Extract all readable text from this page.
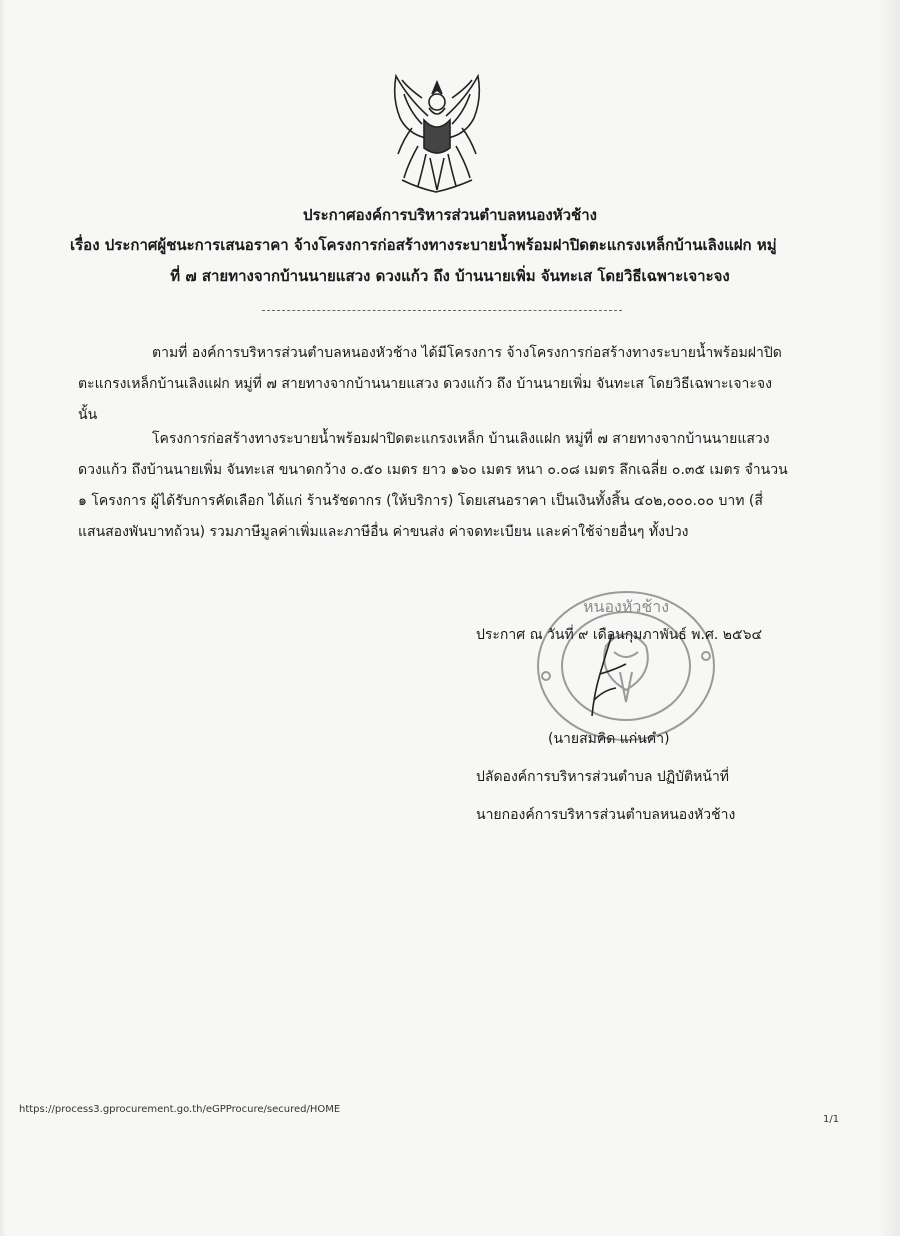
ประกาศองค์การบริหารส่วนตำบลหนองหัวช้าง
เรื่อง ประกาศผู้ชนะการเสนอราคา จ้างโครงการก่อสร้างทางระบายน้ำพร้อมฝาปิดตะแกรงเหล็กบ้านเลิงแฝก หมู่
ที่ ๗ สายทางจากบ้านนายแสวง ดวงแก้ว ถึง บ้านนายเพิ่ม จันทะเส โดยวิธีเฉพาะเจาะจง
ตามที่ องค์การบริหารส่วนตำบลหนองหัวช้าง ได้มีโครงการ จ้างโครงการก่อสร้างทางระบายน้ำพร้อมฝาปิดตะแกรงเหล็กบ้านเลิงแฝก หมู่ที่ ๗ สายทางจากบ้านนายแสวง ดวงแก้ว ถึง บ้านนายเพิ่ม จันทะเส โดยวิธีเฉพาะเจาะจง นั้น
โครงการก่อสร้างทางระบายน้ำพร้อมฝาปิดตะแกรงเหล็ก บ้านเลิงแฝก หมู่ที่ ๗ สายทางจากบ้านนายแสวง ดวงแก้ว ถึงบ้านนายเพิ่ม จันทะเส ขนาดกว้าง ๐.๕๐ เมตร ยาว ๑๖๐ เมตร หนา ๐.๐๘ เมตร ลึกเฉลี่ย ๐.๓๕ เมตร จำนวน ๑ โครงการ ผู้ได้รับการคัดเลือก ได้แก่ ร้านรัชดากร (ให้บริการ) โดยเสนอราคา เป็นเงินทั้งสิ้น ๔๐๒,๐๐๐.๐๐ บาท (สี่แสนสองพันบาทถ้วน) รวมภาษีมูลค่าเพิ่มและภาษีอื่น ค่าขนส่ง ค่าจดทะเบียน และค่าใช้จ่ายอื่นๆ ทั้งปวง
หนองหัวช้าง
ประกาศ ณ วันที่ ๙ เดือนกุมภาพันธ์ พ.ศ. ๒๕๖๔
(นายสมคิด แก่นคำ)
ปลัดองค์การบริหารส่วนตำบล ปฏิบัติหน้าที่
นายกองค์การบริหารส่วนตำบลหนองหัวช้าง
https://process3.gprocurement.go.th/eGPProcure/secured/HOME
1/1
